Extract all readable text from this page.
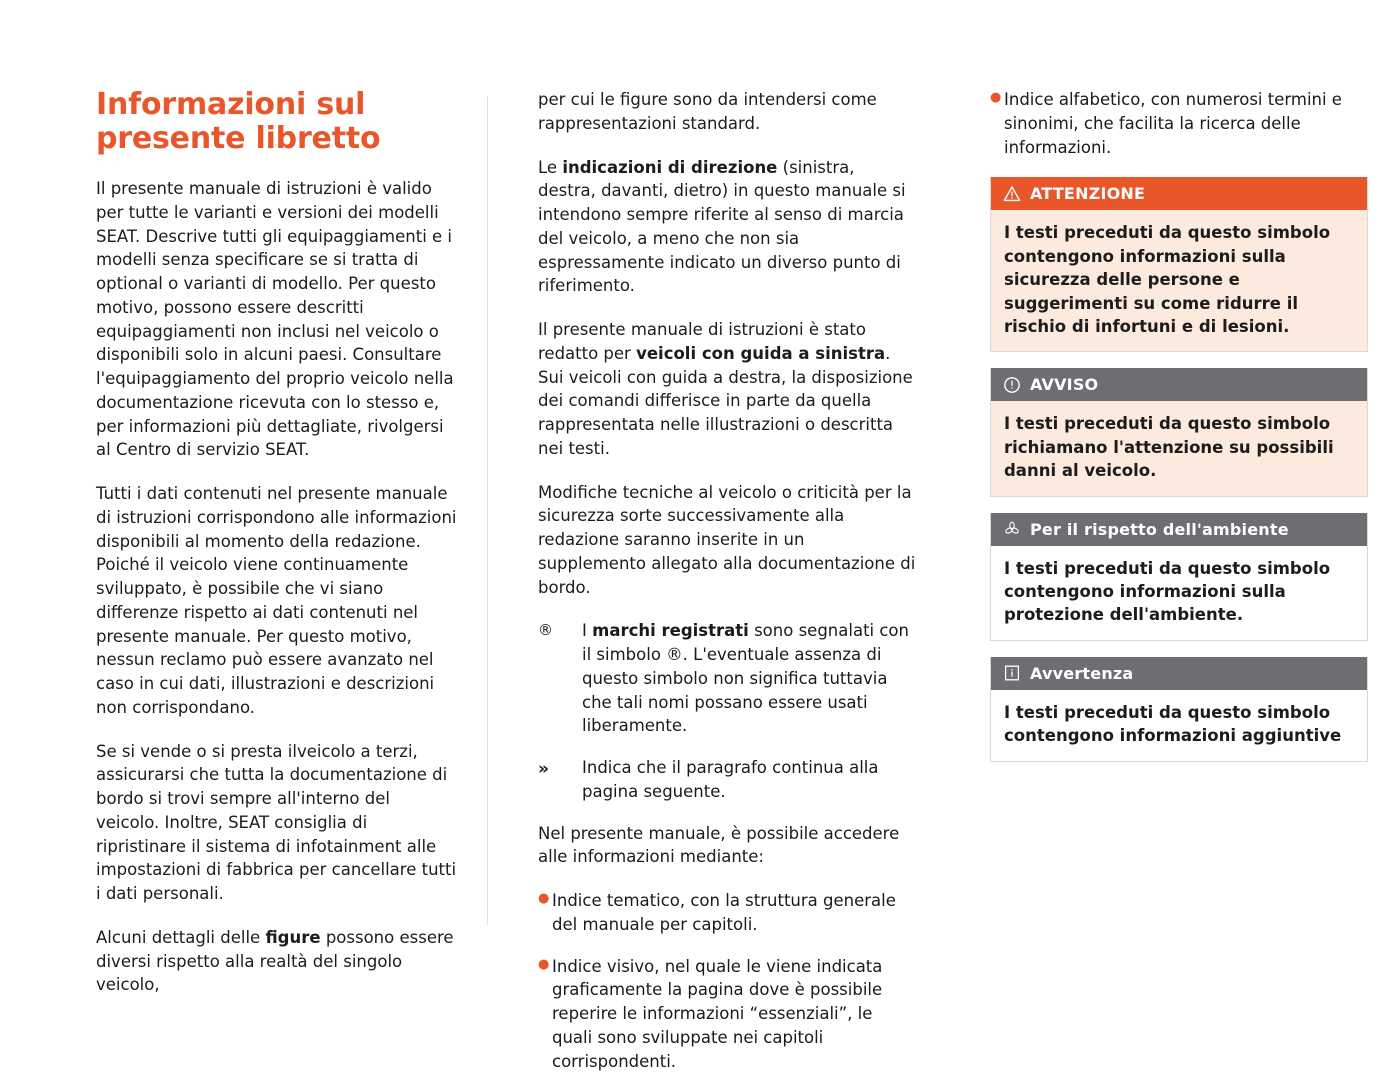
Informazioni sul presente libretto

Il presente manuale di istruzioni è valido per tutte le varianti e versioni dei modelli SEAT. Descrive tutti gli equipaggiamenti e i modelli senza specificare se si tratta di optional o varianti di modello. Per questo motivo, possono essere descritti equipaggiamenti non inclusi nel veicolo o disponibili solo in alcuni paesi. Consultare l'equipaggiamento del proprio veicolo nella documentazione ricevuta con lo stesso e, per informazioni più dettagliate, rivolgersi al Centro di servizio SEAT.

Tutti i dati contenuti nel presente manuale di istruzioni corrispondono alle informazioni disponibili al momento della redazione. Poiché il veicolo viene continuamente sviluppato, è possibile che vi siano differenze rispetto ai dati contenuti nel presente manuale. Per questo motivo, nessun reclamo può essere avanzato nel caso in cui dati, illustrazioni e descrizioni non corrispondano.

Se si vende o si presta ilveicolo a terzi, assicurarsi che tutta la documentazione di bordo si trovi sempre all'interno del veicolo. Inoltre, SEAT consiglia di ripristinare il sistema di infotainment alle impostazioni di fabbrica per cancellare tutti i dati personali.

Alcuni dettagli delle figure possono essere diversi rispetto alla realtà del singolo veicolo,

per cui le figure sono da intendersi come rappresentazioni standard.

Le indicazioni di direzione (sinistra, destra, davanti, dietro) in questo manuale si intendono sempre riferite al senso di marcia del veicolo, a meno che non sia espressamente indicato un diverso punto di riferimento.

Il presente manuale di istruzioni è stato redatto per veicoli con guida a sinistra. Sui veicoli con guida a destra, la disposizione dei comandi differisce in parte da quella rappresentata nelle illustrazioni o descritta nei testi.

Modifiche tecniche al veicolo o criticità per la sicurezza sorte successivamente alla redazione saranno inserite in un supplemento allegato alla documentazione di bordo.

®	I marchi registrati sono segnalati con il simbolo ®. L'eventuale assenza di questo simbolo non significa tuttavia che tali nomi possano essere usati liberamente.
»	Indica che il paragrafo continua alla pagina seguente.

Nel presente manuale, è possibile accedere alle informazioni mediante:

● Indice tematico, con la struttura generale del manuale per capitoli.
● Indice visivo, nel quale le viene indicata graficamente la pagina dove è possibile reperire le informazioni “essenziali”, le quali sono sviluppate nei capitoli corrispondenti.
● Indice alfabetico, con numerosi termini e sinonimi, che facilita la ricerca delle informazioni.
ATTENZIONE
I testi preceduti da questo simbolo contengono informazioni sulla sicurezza delle persone e suggerimenti su come ridurre il rischio di infortuni e di lesioni.
AVVISO
I testi preceduti da questo simbolo richiamano l'attenzione su possibili danni al veicolo.
Per il rispetto dell'ambiente
I testi preceduti da questo simbolo contengono informazioni sulla protezione dell'ambiente.
Avvertenza
I testi preceduti da questo simbolo contengono informazioni aggiuntive
